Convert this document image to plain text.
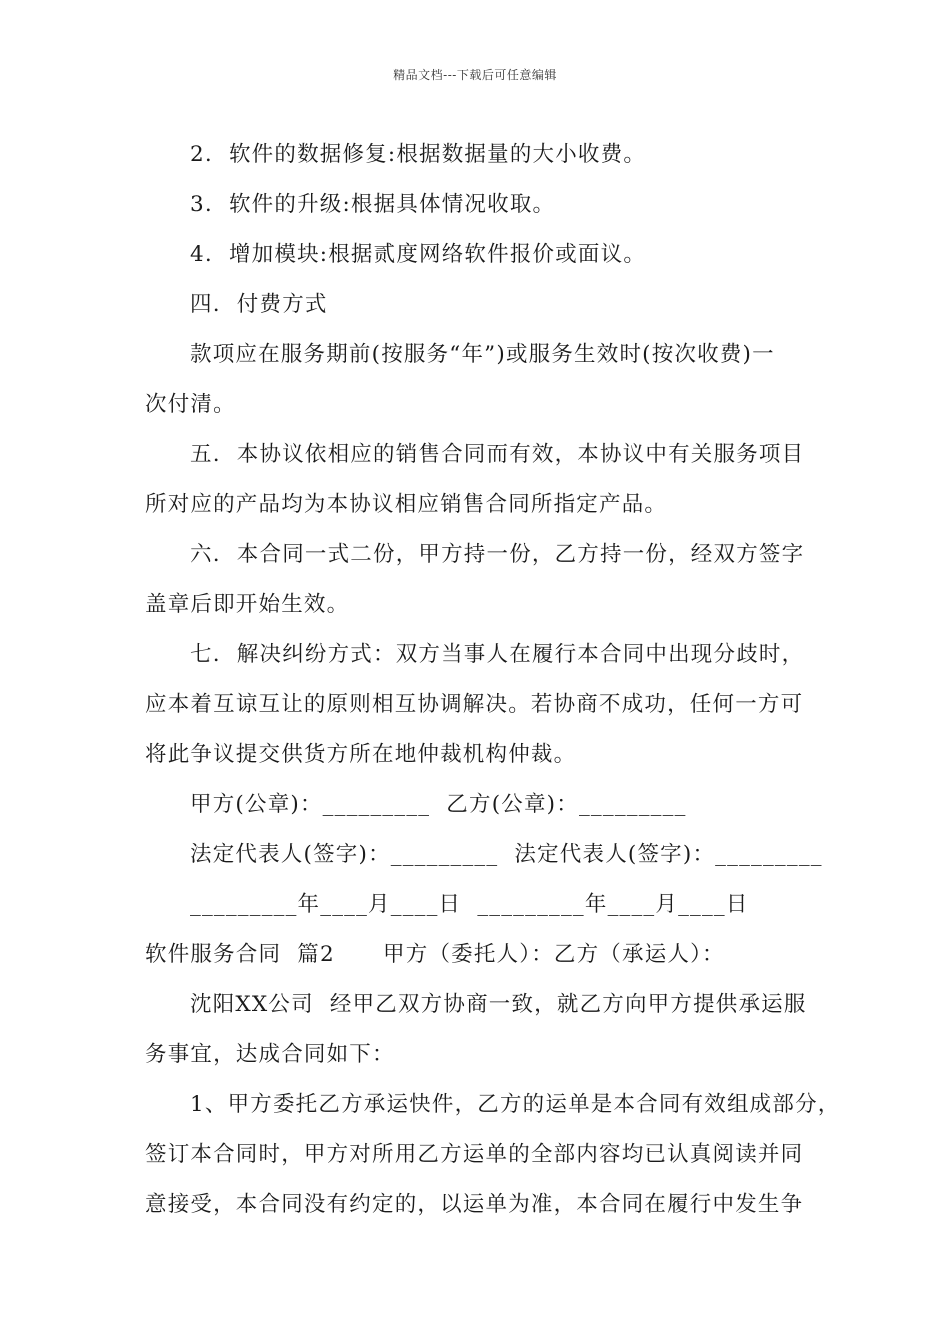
精品文档---下载后可任意编辑

2.  软件的数据修复:根据数据量的大小收费。

3.  软件的升级:根据具体情况收取。

4.  增加模块:根据贰度网络软件报价或面议。

四.  付费方式

款项应在服务期前(按服务“年”)或服务生效时(按次收费)一

次付清。

五.  本协议依相应的销售合同而有效，本协议中有关服务项目

所对应的产品均为本协议相应销售合同所指定产品。

六.  本合同一式二份，甲方持一份，乙方持一份，经双方签字

盖章后即开始生效。

七.  解决纠纷方式：双方当事人在履行本合同中出现分歧时，

应本着互谅互让的原则相互协调解决。若协商不成功，任何一方可

将此争议提交供货方所在地仲裁机构仲裁。

甲方(公章)：_________  乙方(公章)：_________

法定代表人(签字)：_________  法定代表人(签字)：_________

_________年____月____日  _________年____月____日

软件服务合同  篇2      甲方（委托人）：乙方（承运人）：

沈阳XX公司  经甲乙双方协商一致，就乙方向甲方提供承运服

务事宜，达成合同如下：

1、甲方委托乙方承运快件，乙方的运单是本合同有效组成部分，

签订本合同时，甲方对所用乙方运单的全部内容均已认真阅读并同

意接受，本合同没有约定的，以运单为准，本合同在履行中发生争
